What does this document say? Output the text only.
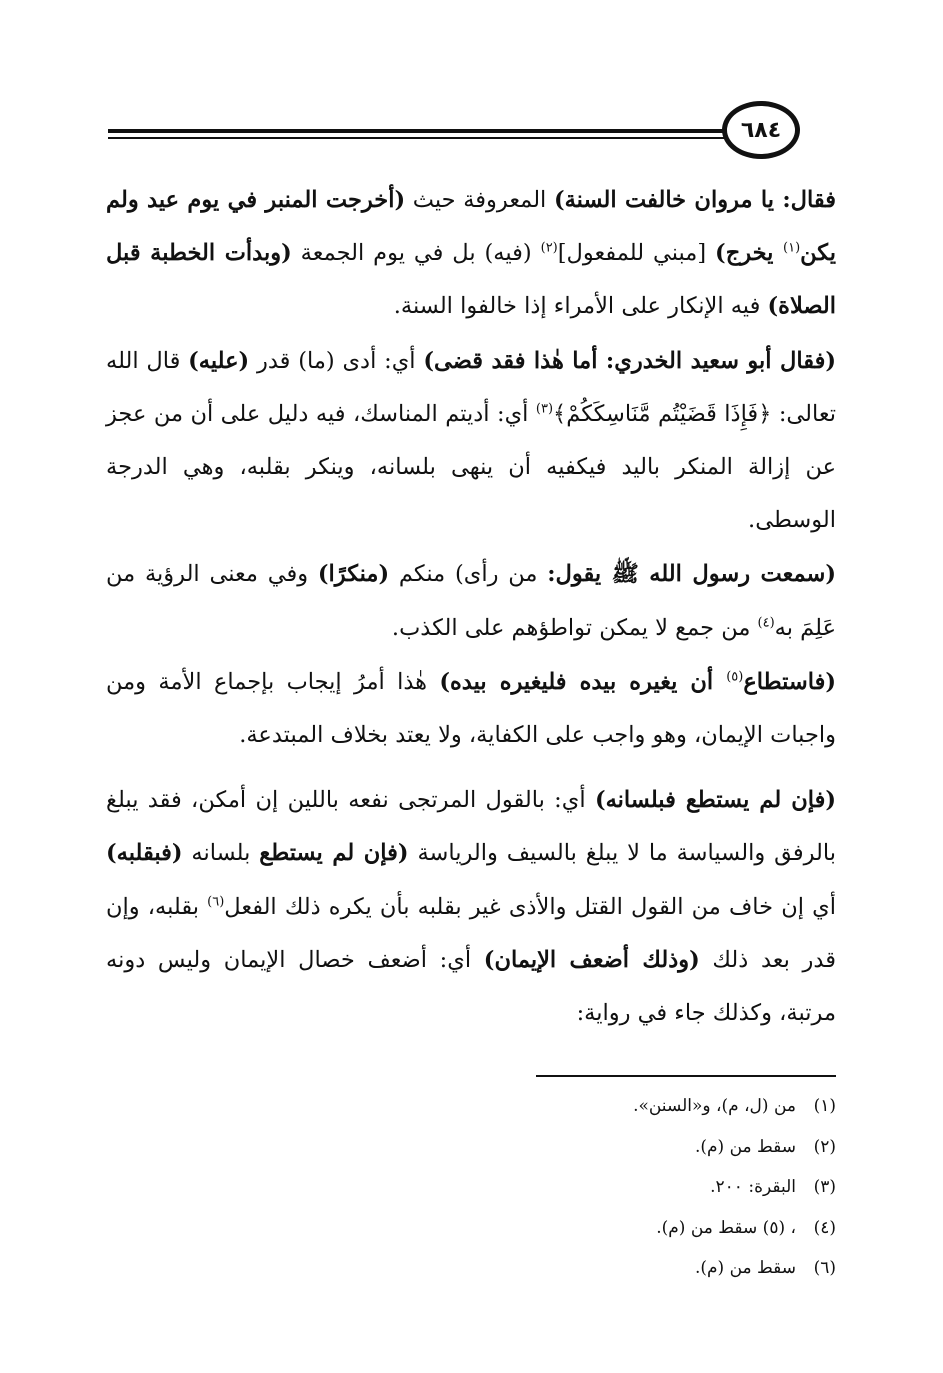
٦٨٤

فقال: يا مروان خالفت السنة) المعروفة حيث (أخرجت المنبر في يوم عيد ولم يكن$^{(١)}$ يخرج) [مبني للمفعول]$^{(٢)}$ (فيه) بل في يوم الجمعة (وبدأت الخطبة قبل الصلاة) فيه الإنكار على الأمراء إذا خالفوا السنة.

(فقال أبو سعيد الخدري: أما هٰذا فقد قضى) أي: أدى (ما) قدر (عليه) قال الله تعالى: ﴿فَإِذَا قَضَيْتُم مَّنَاسِكَكُمْ﴾$^{(٣)}$ أي: أديتم المناسك، فيه دليل على أن من عجز عن إزالة المنكر باليد فيكفيه أن ينهى بلسانه، وينكر بقلبه، وهي الدرجة الوسطى.

(سمعت رسول الله ﷺ يقول: من رأى) منكم (منكرًا) وفي معنى الرؤية من عَلِمَ به$^{(٤)}$ من جمع لا يمكن تواطؤهم على الكذب.

(فاستطاع$^{(٥)}$ أن يغيره بيده فليغيره بيده) هٰذا أمرُ إيجاب بإجماع الأمة ومن واجبات الإيمان، وهو واجب على الكفاية، ولا يعتد بخلاف المبتدعة.

(فإن لم يستطع فبلسانه) أي: بالقول المرتجى نفعه باللين إن أمكن، فقد يبلغ بالرفق والسياسة ما لا يبلغ بالسيف والرياسة (فإن لم يستطع بلسانه (فبقلبه) أي إن خاف من القول القتل والأذى غير بقلبه بأن يكره ذلك الفعل$^{(٦)}$ بقلبه، وإن قدر بعد ذلك (وذلك أضعف الإيمان) أي: أضعف خصال الإيمان وليس دونه مرتبة، وكذلك جاء في رواية:

(١)من (ل، م)، و«السنن».
(٢)سقط من (م).
(٣)البقرة: ٢٠٠.
(٤)، (٥) سقط من (م).
(٦)سقط من (م).
